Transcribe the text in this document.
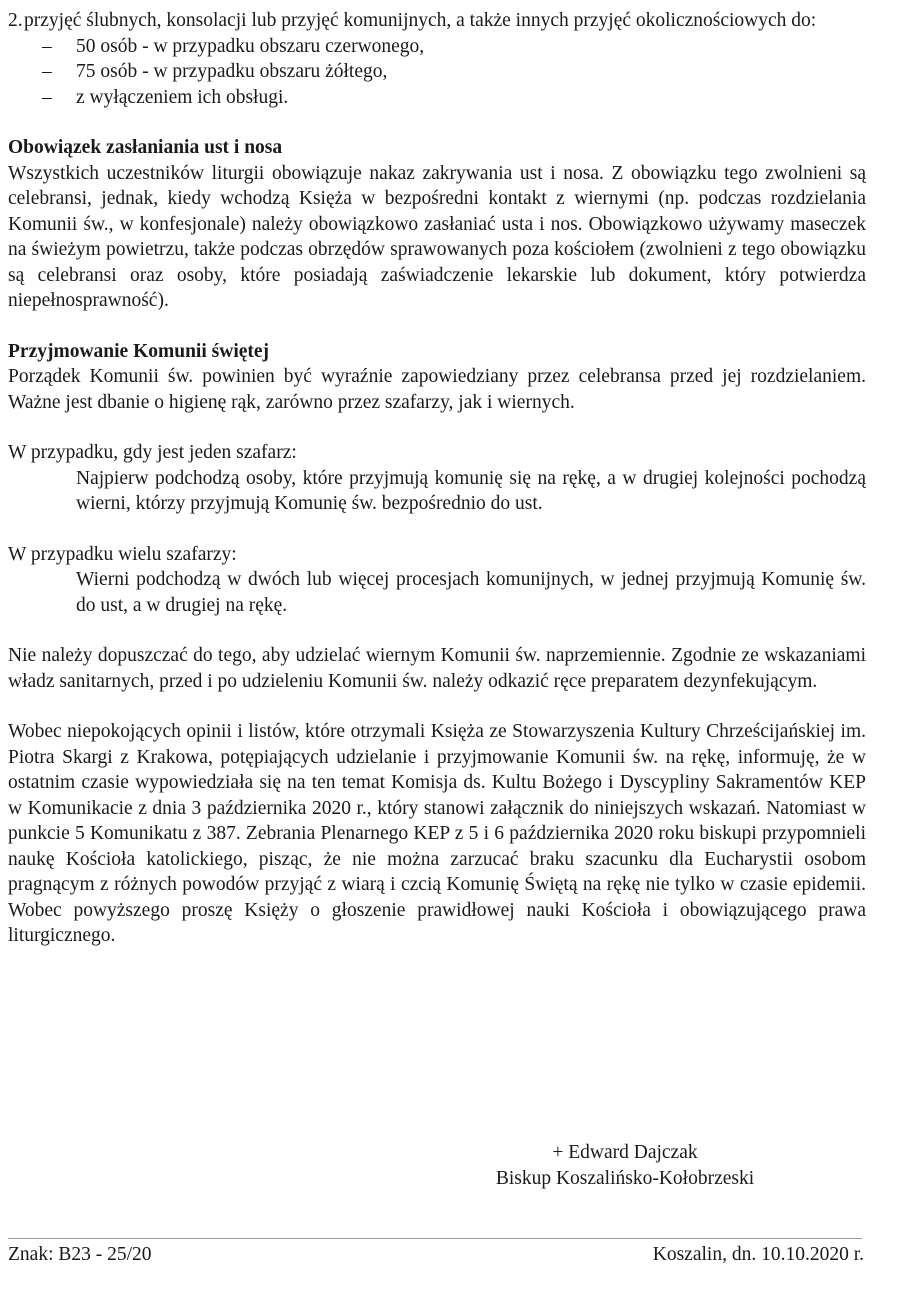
2. przyjęć ślubnych, konsolacji lub przyjęć komunijnych, a także innych przyjęć okolicznościowych do:
– 50 osób - w przypadku obszaru czerwonego,
– 75 osób - w przypadku obszaru żółtego,
– z wyłączeniem ich obsługi.
Obowiązek zasłaniania ust i nosa

Wszystkich uczestników liturgii obowiązuje nakaz zakrywania ust i nosa. Z obowiązku tego zwolnieni są celebransi, jednak, kiedy wchodzą Księża w bezpośredni kontakt z wiernymi (np. podczas rozdzielania Komunii św., w konfesjonale) należy obowiązkowo zasłaniać usta i nos. Obowiązkowo używamy maseczek na świeżym powietrzu, także podczas obrzędów sprawowanych poza kościołem (zwolnieni z tego obowiązku są celebransi oraz osoby, które posiadają zaświadczenie lekarskie lub dokument, który potwierdza niepełnosprawność).

Przyjmowanie Komunii świętej

Porządek Komunii św. powinien być wyraźnie zapowiedziany przez celebransa przed jej rozdzielaniem. Ważne jest dbanie o higienę rąk, zarówno przez szafarzy, jak i wiernych.

W przypadku, gdy jest jeden szafarz:

Najpierw podchodzą osoby, które przyjmują komunię się na rękę, a w drugiej kolejności pochodzą wierni, którzy przyjmują Komunię św. bezpośrednio do ust.

W przypadku wielu szafarzy:

Wierni podchodzą w dwóch lub więcej procesjach komunijnych, w jednej przyjmują Komunię św. do ust, a w drugiej na rękę.

Nie należy dopuszczać do tego, aby udzielać wiernym Komunii św. naprzemiennie. Zgodnie ze wskazaniami władz sanitarnych, przed i po udzieleniu Komunii św. należy odkazić ręce preparatem dezynfekującym.

Wobec niepokojących opinii i listów, które otrzymali Księża ze Stowarzyszenia Kultury Chrześcijańskiej im. Piotra Skargi z Krakowa, potępiających udzielanie i przyjmowanie Komunii św. na rękę, informuję, że w ostatnim czasie wypowiedziała się na ten temat Komisja ds. Kultu Bożego i Dyscypliny Sakramentów KEP w Komunikacie z dnia 3 października 2020 r., który stanowi załącznik do niniejszych wskazań. Natomiast w punkcie 5 Komunikatu z 387. Zebrania Plenarnego KEP z 5 i 6 października 2020 roku biskupi przypomnieli naukę Kościoła katolickiego, pisząc, że nie można zarzucać braku szacunku dla Eucharystii osobom pragnącym z różnych powodów przyjąć z wiarą i czcią Komunię Świętą na rękę nie tylko w czasie epidemii. Wobec powyższego proszę Księży o głoszenie prawidłowej nauki Kościoła i obowiązującego prawa liturgicznego.

+ Edward Dajczak
Biskup Koszalińsko-Kołobrzeski
Znak: B23 - 25/20	Koszalin, dn. 10.10.2020 r.
